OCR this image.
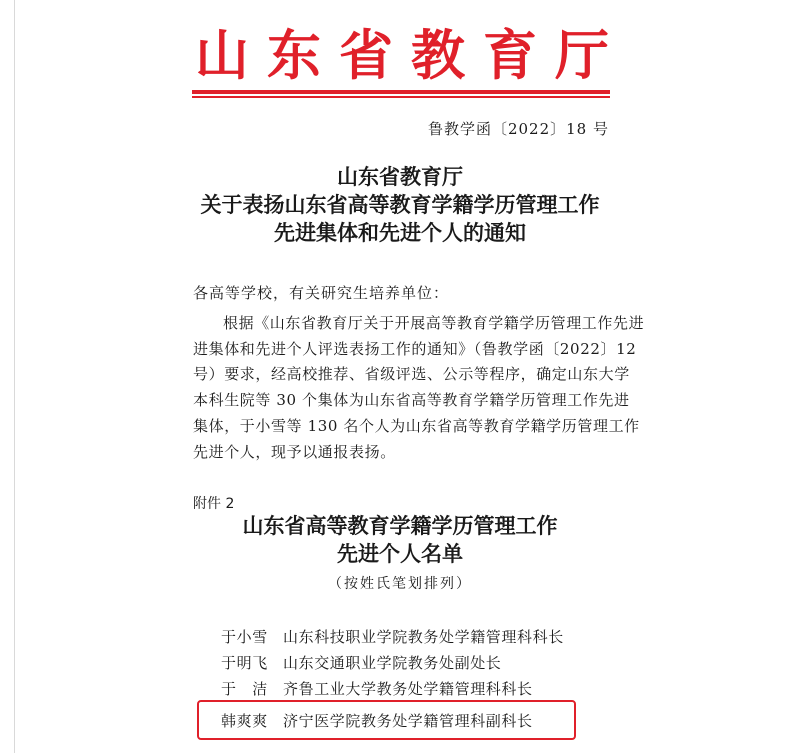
山东省教育厅
鲁教学函〔2022〕18 号
山东省教育厅
关于表扬山东省高等教育学籍学历管理工作
先进集体和先进个人的通知
各高等学校，有关研究生培养单位：
根据《山东省教育厅关于开展高等教育学籍学历管理工作先进
进集体和先进个人评选表扬工作的通知》（鲁教学函〔2022〕12
号）要求，经高校推荐、省级评选、公示等程序，确定山东大学
本科生院等 30 个集体为山东省高等教育学籍学历管理工作先进
集体，于小雪等 130 名个人为山东省高等教育学籍学历管理工作
先进个人，现予以通报表扬。
附件 2
山东省高等教育学籍学历管理工作
先进个人名单
（按姓氏笔划排列）
于小雪 山东科技职业学院教务处学籍管理科科长
于明飞 山东交通职业学院教务处副处长
于　洁 齐鲁工业大学教务处学籍管理科科长
韩爽爽 济宁医学院教务处学籍管理科副科长
